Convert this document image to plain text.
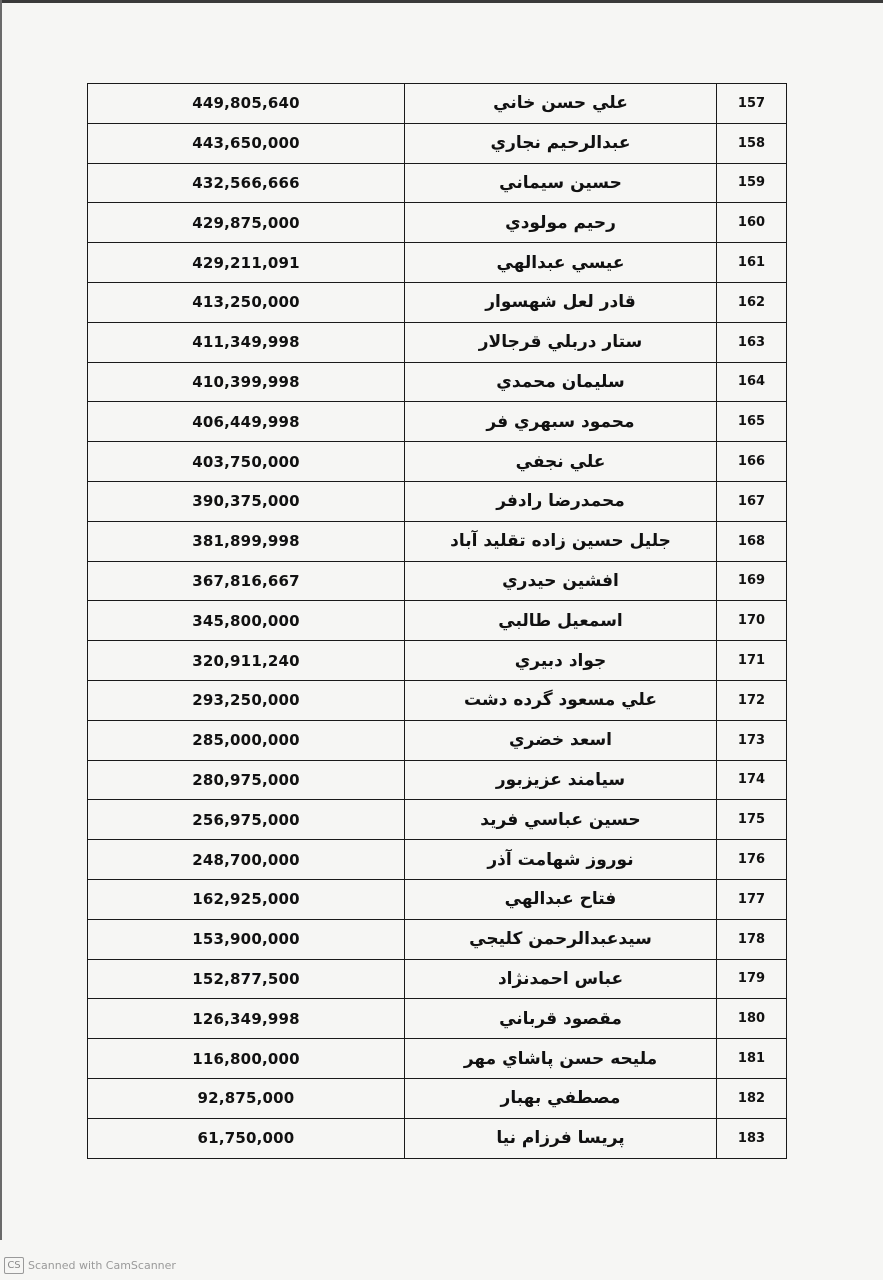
449,805,640	علي حسن خاني	157
443,650,000	عبدالرحيم نجاري	158
432,566,666	حسين سيماني	159
429,875,000	رحيم مولودي	160
429,211,091	عيسي عبدالهي	161
413,250,000	قادر لعل شهسوار	162
411,349,998	ستار دربلي قرجالار	163
410,399,998	سليمان محمدي	164
406,449,998	محمود سبهري فر	165
403,750,000	علي نجفي	166
390,375,000	محمدرضا رادفر	167
381,899,998	جليل حسين زاده تقليد آباد	168
367,816,667	افشين حيدري	169
345,800,000	اسمعيل طالبي	170
320,911,240	جواد دبيري	171
293,250,000	علي مسعود گرده دشت	172
285,000,000	اسعد خضري	173
280,975,000	سيامند عزيزبور	174
256,975,000	حسين عباسي فريد	175
248,700,000	نوروز شهامت آذر	176
162,925,000	فتاح عبدالهي	177
153,900,000	سيدعبدالرحمن كليجي	178
152,877,500	عباس احمدنژاد	179
126,349,998	مقصود قرباني	180
116,800,000	مليحه حسن پاشاي مهر	181
92,875,000	مصطفي بهبار	182
61,750,000	پريسا فرزام نيا	183
CS Scanned with CamScanner
